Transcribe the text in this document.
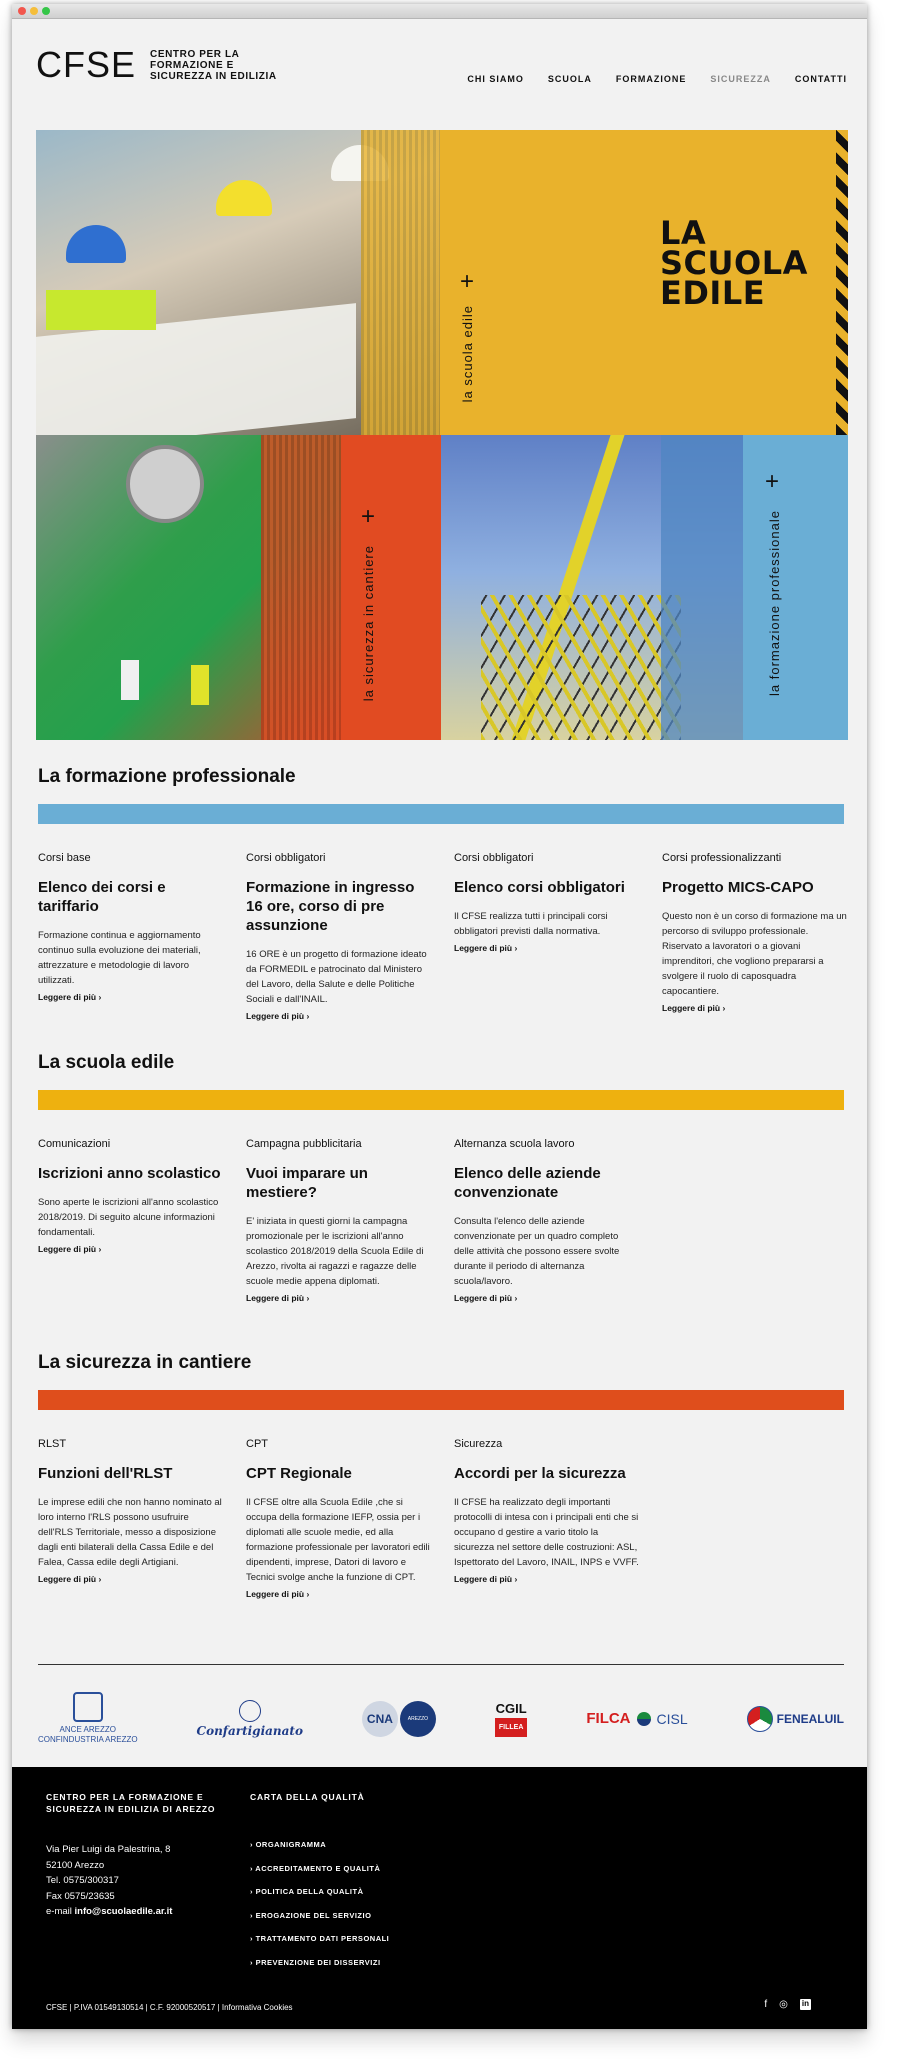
CFSE CENTRO PER LA FORMAZIONE E SICUREZZA IN EDILIZIA	CHI SIAMO	SCUOLA	FORMAZIONE	SICUREZZA	CONTATTI
la scuola edile
+
LA
SCUOLA
EDILE
+
la sicurezza in cantiere
+
la formazione professionale
La formazione professionale
Corsi base
Elenco dei corsi e tariffario
Formazione continua e aggiornamento continuo sulla evoluzione dei materiali, attrezzature e metodologie di lavoro utilizzati.
Leggere di più ›
Corsi obbligatori
Formazione in ingresso 16 ore, corso di pre assunzione
16 ORE è un progetto di formazione ideato da FORMEDIL e patrocinato dal Ministero del Lavoro, della Salute e delle Politiche Sociali e dall'INAIL.
Leggere di più ›
Corsi obbligatori
Elenco corsi obbligatori
Il CFSE realizza tutti i principali corsi obbligatori previsti dalla normativa.
Leggere di più ›
Corsi professionalizzanti
Progetto MICS-CAPO
Questo non è un corso di formazione ma un percorso di sviluppo professionale. Riservato a lavoratori o a giovani imprenditori, che vogliono prepararsi a svolgere il ruolo di caposquadra capocantiere.
Leggere di più ›
La scuola edile
Comunicazioni
Iscrizioni anno scolastico
Sono aperte le iscrizioni all'anno scolastico 2018/2019. Di seguito alcune informazioni fondamentali.
Leggere di più ›
Campagna pubblicitaria
Vuoi imparare un mestiere?
E' iniziata in questi giorni la campagna promozionale per le iscrizioni all'anno scolastico 2018/2019 della Scuola Edile di Arezzo, rivolta ai ragazzi e ragazze delle scuole medie appena diplomati.
Leggere di più ›
Alternanza scuola lavoro
Elenco delle aziende convenzionate
Consulta l'elenco delle aziende convenzionate per un quadro completo delle attività che possono essere svolte durante il periodo di alternanza scuola/lavoro.
Leggere di più ›
La sicurezza in cantiere
RLST
Funzioni dell'RLST
Le imprese edili che non hanno nominato al loro interno l'RLS possono usufruire dell'RLS Territoriale, messo a disposizione dagli enti bilaterali della Cassa Edile e del Falea, Cassa edile degli Artigiani.
Leggere di più ›
CPT
CPT Regionale
Il CFSE oltre alla Scuola Edile ,che si occupa della formazione IEFP, ossia per i diplomati alle scuole medie, ed alla formazione professionale per lavoratori edili dipendenti, imprese, Datori di lavoro e Tecnici svolge anche la funzione di CPT.
Leggere di più ›
Sicurezza
Accordi per la sicurezza
Il CFSE ha realizzato degli importanti protocolli di intesa con i principali enti che si occupano d gestire a vario titolo la sicurezza nel settore delle costruzioni: ASL, Ispettorato del Lavoro, INAIL, INPS e VVFF.
Leggere di più ›
ANCE AREZZO
CONFINDUSTRIA AREZZO
Confartigianato
CNA	AREZZO
CGIL
FILLEA	FILCA CISL	FENEALUIL
CENTRO PER LA FORMAZIONE E SICUREZZA IN EDILIZIA DI AREZZO
Via Pier Luigi da Palestrina, 8
52100 Arezzo
Tel. 0575/300317
Fax 0575/23635
e-mail info@scuolaedile.ar.it
CARTA DELLA QUALITÀ
› ORGANIGRAMMA
› ACCREDITAMENTO E QUALITÀ
› POLITICA DELLA QUALITÀ
› EROGAZIONE DEL SERVIZIO
› TRATTAMENTO DATI PERSONALI
› PREVENZIONE DEI DISSERVIZI
CFSE | P.IVA 01549130514 | C.F. 92000520517 | Informativa Cookies	f ◎ in
